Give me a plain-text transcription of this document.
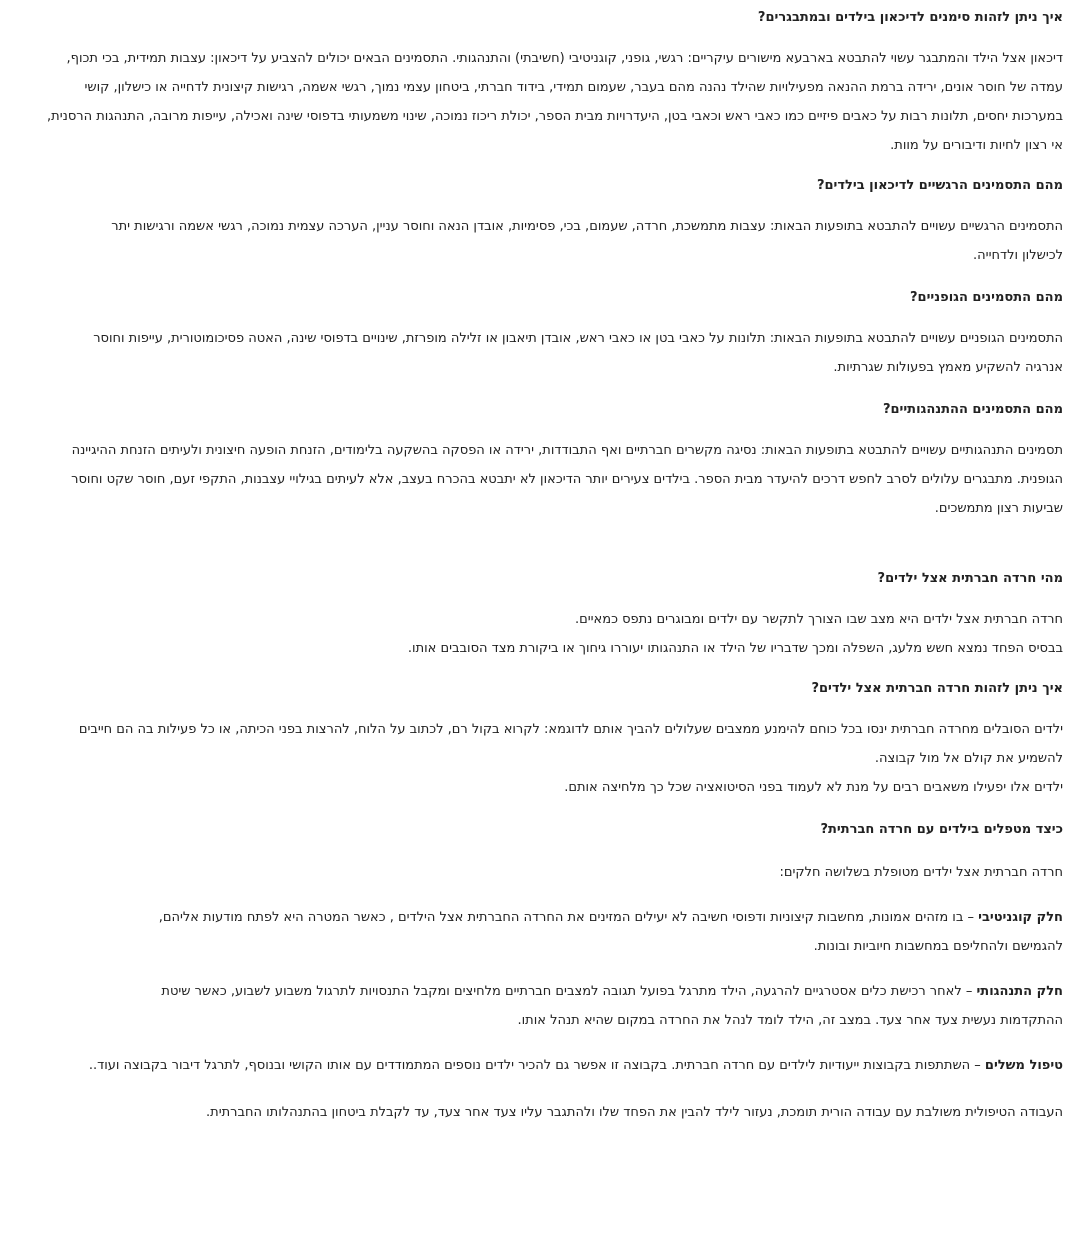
איך ניתן לזהות סימנים לדיכאון בילדים ובמתבגרים?

דיכאון אצל הילד והמתבגר עשוי להתבטא בארבעא מישורים עיקריים: רגשי, גופני, קוגניטיבי (חשיבתי) והתנהגותי. התסמינים הבאים יכולים להצביע על דיכאון: עצבות תמידית, בכי תכוף, עמדה של חוסר אונים, ירידה ברמת ההנאה מפעילויות שהילד נהנה מהם בעבר, שעמום תמידי, בידוד חברתי, ביטחון עצמי נמוך, רגשי אשמה, רגישות קיצונית לדחייה או כישלון, קושי במערכות יחסים, תלונות רבות על כאבים פיזיים כמו כאבי ראש וכאבי בטן, היעדרויות מבית הספר, יכולת ריכוז נמוכה, שינוי משמעותי בדפוסי שינה ואכילה, עייפות מרובה, התנהגות הרסנית, אי רצון לחיות ודיבורים על מוות.

מהם התסמינים הרגשיים לדיכאון בילדים?

התסמינים הרגשיים עשויים להתבטא בתופעות הבאות: עצבות מתמשכת, חרדה, שעמום, בכי, פסימיות, אובדן הנאה וחוסר עניין, הערכה עצמית נמוכה, רגשי אשמה ורגישות יתר לכישלון ולדחייה.

מהם התסמינים הגופניים?

התסמינים הגופניים עשויים להתבטא בתופעות הבאות: תלונות על כאבי בטן או כאבי ראש, אובדן תיאבון או זלילה מופרזת, שינויים בדפוסי שינה, האטה פסיכומוטורית, עייפות וחוסר אנרגיה להשקיע מאמץ בפעולות שגרתיות.

מהם התסמינים ההתנהגותיים?

תסמינים התנהגותיים עשויים להתבטא בתופעות הבאות: נסיגה מקשרים חברתיים ואף התבודדות, ירידה או הפסקה בהשקעה בלימודים, הזנחת הופעה חיצונית ולעיתים הזנחת ההיגיינה הגופנית. מתבגרים עלולים לסרב לחפש דרכים להיעדר מבית הספר. בילדים צעירים יותר הדיכאון לא יתבטא בהכרח בעצב, אלא לעיתים בגילויי עצבנות, התקפי זעם, חוסר שקט וחוסר שביעות רצון מתמשכים.

מהי חרדה חברתית אצל ילדים?

חרדה חברתית אצל ילדים היא מצב שבו הצורך לתקשר עם ילדים ומבוגרים נתפס כמאיים.
בבסיס הפחד נמצא חשש מלעג, השפלה ומכך שדבריו של הילד או התנהגותו יעוררו גיחוך או ביקורת מצד הסובבים אותו.

איך ניתן לזהות חרדה חברתית אצל ילדים?

ילדים הסובלים מחרדה חברתית ינסו בכל כוחם להימנע ממצבים שעלולים להביך אותם לדוגמא: לקרוא בקול רם, לכתוב על הלוח, להרצות בפני הכיתה, או כל פעילות בה הם חייבים להשמיע את קולם אל מול קבוצה.

ילדים אלו יפעילו משאבים רבים על מנת לא לעמוד בפני הסיטואציה שכל כך מלחיצה אותם.

כיצד מטפלים בילדים עם חרדה חברתית?

חרדה חברתית אצל ילדים מטופלת בשלושה חלקים:

חלק קוגניטיבי – בו מזהים אמונות, מחשבות קיצוניות ודפוסי חשיבה לא יעילים המזינים את החרדה החברתית אצל הילדים , כאשר המטרה היא לפתח מודעות אליהם, להגמישם ולהחליפם במחשבות חיוביות ובונות.

חלק התנהגותי – לאחר רכישת כלים אסטרגיים להרגעה, הילד מתרגל בפועל תגובה למצבים חברתיים מלחיצים ומקבל התנסויות לתרגול משבוע לשבוע, כאשר שיטת ההתקדמות נעשית צעד אחר צעד. במצב זה, הילד לומד לנהל את החרדה במקום שהיא תנהל אותו.

טיפול משלים – השתתפות בקבוצות ייעודיות לילדים עם חרדה חברתית. בקבוצה זו אפשר גם להכיר ילדים נוספים המתמודדים עם אותו הקושי ובנוסף, לתרגל דיבור בקבוצה ועוד..

העבודה הטיפולית משולבת עם עבודה הורית תומכת, נעזור לילד להבין את הפחד שלו ולהתגבר עליו צעד אחר צעד, עד לקבלת ביטחון בהתנהלותו החברתית.
